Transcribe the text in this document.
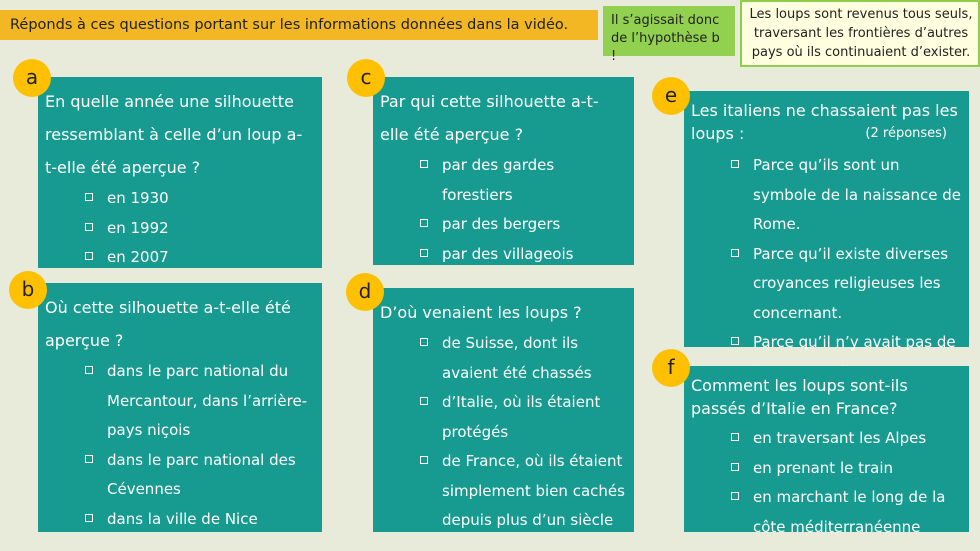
Réponds à ces questions portant sur les informations données dans la vidéo.	Il s’agissait donc de l’hypothèse b !
Les loups sont revenus tous seuls, traversant les frontières d’autres pays où ils continuaient d’exister.

En quelle année une silhouette ressemblant à celle d’un loup a-t-elle été aperçue ?

en 1930
en 1992
en 2007
a

Où cette silhouette a-t-elle été aperçue ?

dans le parc national du Mercantour, dans l’arrière-pays niçois
dans le parc national des Cévennes
dans la ville de Nice
b

Par qui cette silhouette a-t-elle été aperçue ?

par des gardes forestiers
par des bergers
par des villageois
c

D’où venaient les loups ?

de Suisse, dont ils avaient été chassés
d’Italie, où ils étaient protégés
de France, où ils étaient simplement bien cachés depuis plus d’un siècle
d

Les italiens ne chassaient pas les loups :	(2 réponses)

Parce qu’ils sont un symbole de la naissance de Rome.
Parce qu’il existe diverses croyances religieuses les concernant.
Parce qu’il n’y avait pas de
e

Comment les loups sont-ils passés d’Italie en France?

en traversant les Alpes
en prenant le train
en marchant le long de la côte méditerranéenne
f
